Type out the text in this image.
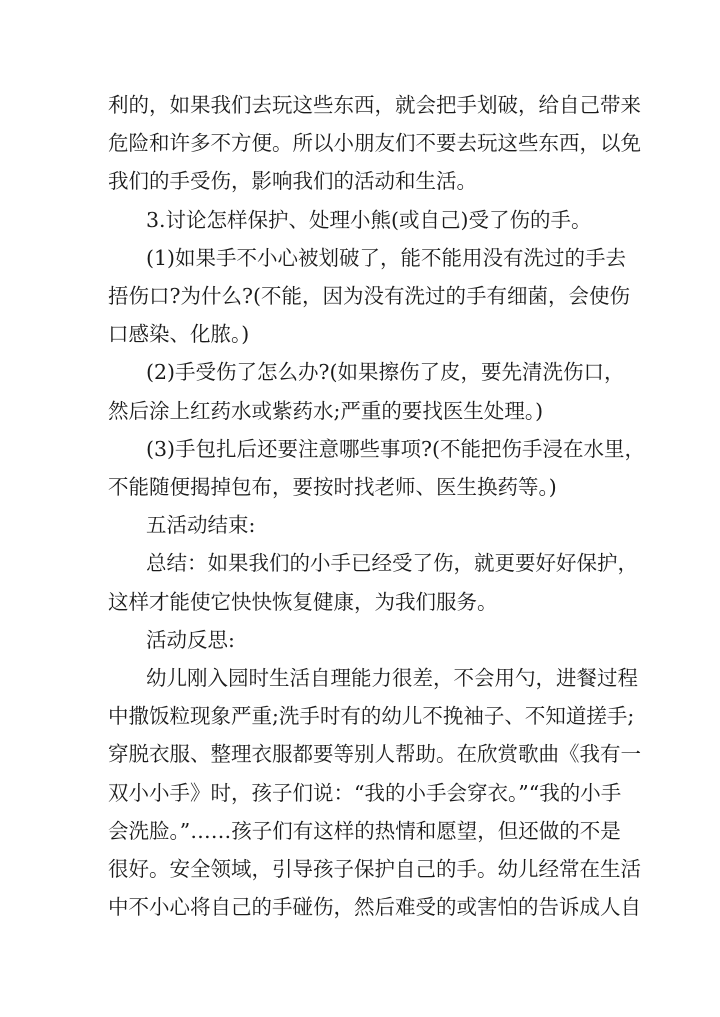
利的，如果我们去玩这些东西，就会把手划破，给自己带来
危险和许多不方便。所以小朋友们不要去玩这些东西，以免
我们的手受伤，影响我们的活动和生活。
3.讨论怎样保护、处理小熊(或自己)受了伤的手。
(1)如果手不小心被划破了，能不能用没有洗过的手去
捂伤口?为什么?(不能，因为没有洗过的手有细菌，会使伤
口感染、化脓。)
(2)手受伤了怎么办?(如果擦伤了皮，要先清洗伤口，
然后涂上红药水或紫药水;严重的要找医生处理。)
(3)手包扎后还要注意哪些事项?(不能把伤手浸在水里，
不能随便揭掉包布，要按时找老师、医生换药等。)
五活动结束:
总结：如果我们的小手已经受了伤，就更要好好保护，
这样才能使它快快恢复健康，为我们服务。
活动反思:
幼儿刚入园时生活自理能力很差，不会用勺，进餐过程
中撒饭粒现象严重;洗手时有的幼儿不挽袖子、不知道搓手;
穿脱衣服、整理衣服都要等别人帮助。在欣赏歌曲《我有一
双小小手》时，孩子们说：“我的小手会穿衣。”“我的小手
会洗脸。”……孩子们有这样的热情和愿望，但还做的不是
很好。安全领域，引导孩子保护自己的手。幼儿经常在生活
中不小心将自己的手碰伤，然后难受的或害怕的告诉成人自
